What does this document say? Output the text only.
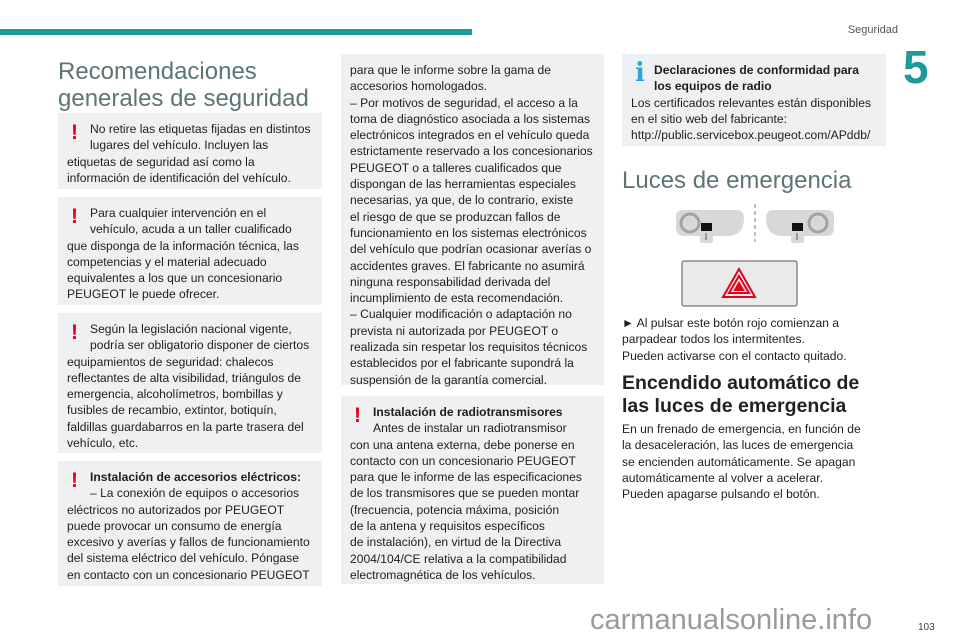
Seguridad
5
Recomendaciones
generales de seguridad
! No retire las etiquetas fijadas en distintos
lugares del vehículo. Incluyen las
etiquetas de seguridad así como la
información de identificación del vehículo.
! Para cualquier intervención en el
vehículo, acuda a un taller cualificado
que disponga de la información técnica, las
competencias y el material adecuado
equivalentes a los que un concesionario
PEUGEOT le puede ofrecer.
! Según la legislación nacional vigente,
podría ser obligatorio disponer de ciertos
equipamientos de seguridad: chalecos
reflectantes de alta visibilidad, triángulos de
emergencia, alcoholímetros, bombillas y
fusibles de recambio, extintor, botiquín,
faldillas guardabarros en la parte trasera del
vehículo, etc.
! Instalación de accesorios eléctricos:
– La conexión de equipos o accesorios
eléctricos no autorizados por PEUGEOT
puede provocar un consumo de energía
excesivo y averías y fallos de funcionamiento
del sistema eléctrico del vehículo. Póngase
en contacto con un concesionario PEUGEOT
para que le informe sobre la gama de
accesorios homologados.
– Por motivos de seguridad, el acceso a la
toma de diagnóstico asociada a los sistemas
electrónicos integrados en el vehículo queda
estrictamente reservado a los concesionarios
PEUGEOT o a talleres cualificados que
dispongan de las herramientas especiales
necesarias, ya que, de lo contrario, existe
el riesgo de que se produzcan fallos de
funcionamiento en los sistemas electrónicos
del vehículo que podrían ocasionar averías o
accidentes graves. El fabricante no asumirá
ninguna responsabilidad derivada del
incumplimiento de esta recomendación.
– Cualquier modificación o adaptación no
prevista ni autorizada por PEUGEOT o
realizada sin respetar los requisitos técnicos
establecidos por el fabricante supondrá la
suspensión de la garantía comercial.
! Instalación de radiotransmisores
Antes de instalar un radiotransmisor
con una antena externa, debe ponerse en
contacto con un concesionario PEUGEOT
para que le informe de las especificaciones
de los transmisores que se pueden montar
(frecuencia, potencia máxima, posición
de la antena y requisitos específicos
de instalación), en virtud de la Directiva
2004/104/CE relativa a la compatibilidad
electromagnética de los vehículos.
i Declaraciones de conformidad para
los equipos de radio
Los certificados relevantes están disponibles
en el sitio web del fabricante:
http://public.servicebox.peugeot.com/APddb/
Luces de emergencia
► Al pulsar este botón rojo comienzan a
parpadear todos los intermitentes.
Pueden activarse con el contacto quitado.
Encendido automático de
las luces de emergencia
En un frenado de emergencia, en función de
la desaceleración, las luces de emergencia
se encienden automáticamente. Se apagan
automáticamente al volver a acelerar.
Pueden apagarse pulsando el botón.
carmanualsonline.info	103
